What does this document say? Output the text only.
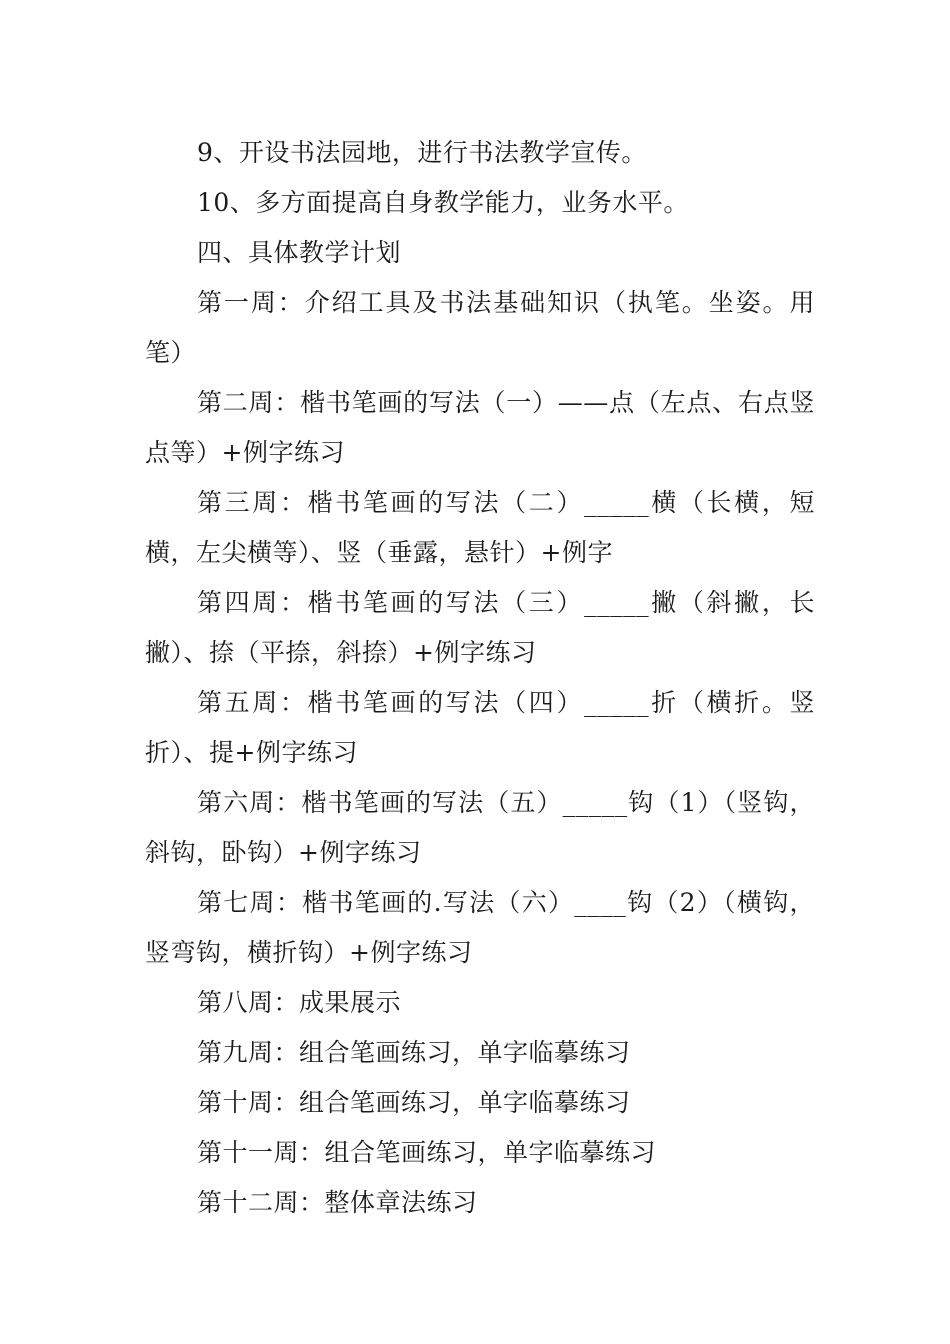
9、开设书法园地，进行书法教学宣传。

10、多方面提高自身教学能力，业务水平。

四、具体教学计划

第一周：介绍工具及书法基础知识（执笔。坐姿。用笔）

第二周：楷书笔画的写法（一）——点（左点、右点竖点等）+例字练习

第三周：楷书笔画的写法（二）_____横（长横，短横，左尖横等）、竖（垂露，悬针）+例字

第四周：楷书笔画的写法（三）_____撇（斜撇，长撇）、捺（平捺，斜捺）+例字练习

第五周：楷书笔画的写法（四）_____折（横折。竖折）、提+例字练习

第六周：楷书笔画的写法（五）_____钩（1）（竖钩，斜钩，卧钩）+例字练习

第七周：楷书笔画的.写法（六）____钩（2）（横钩，竖弯钩，横折钩）+例字练习

第八周：成果展示

第九周：组合笔画练习，单字临摹练习

第十周：组合笔画练习，单字临摹练习

第十一周：组合笔画练习，单字临摹练习

第十二周：整体章法练习
